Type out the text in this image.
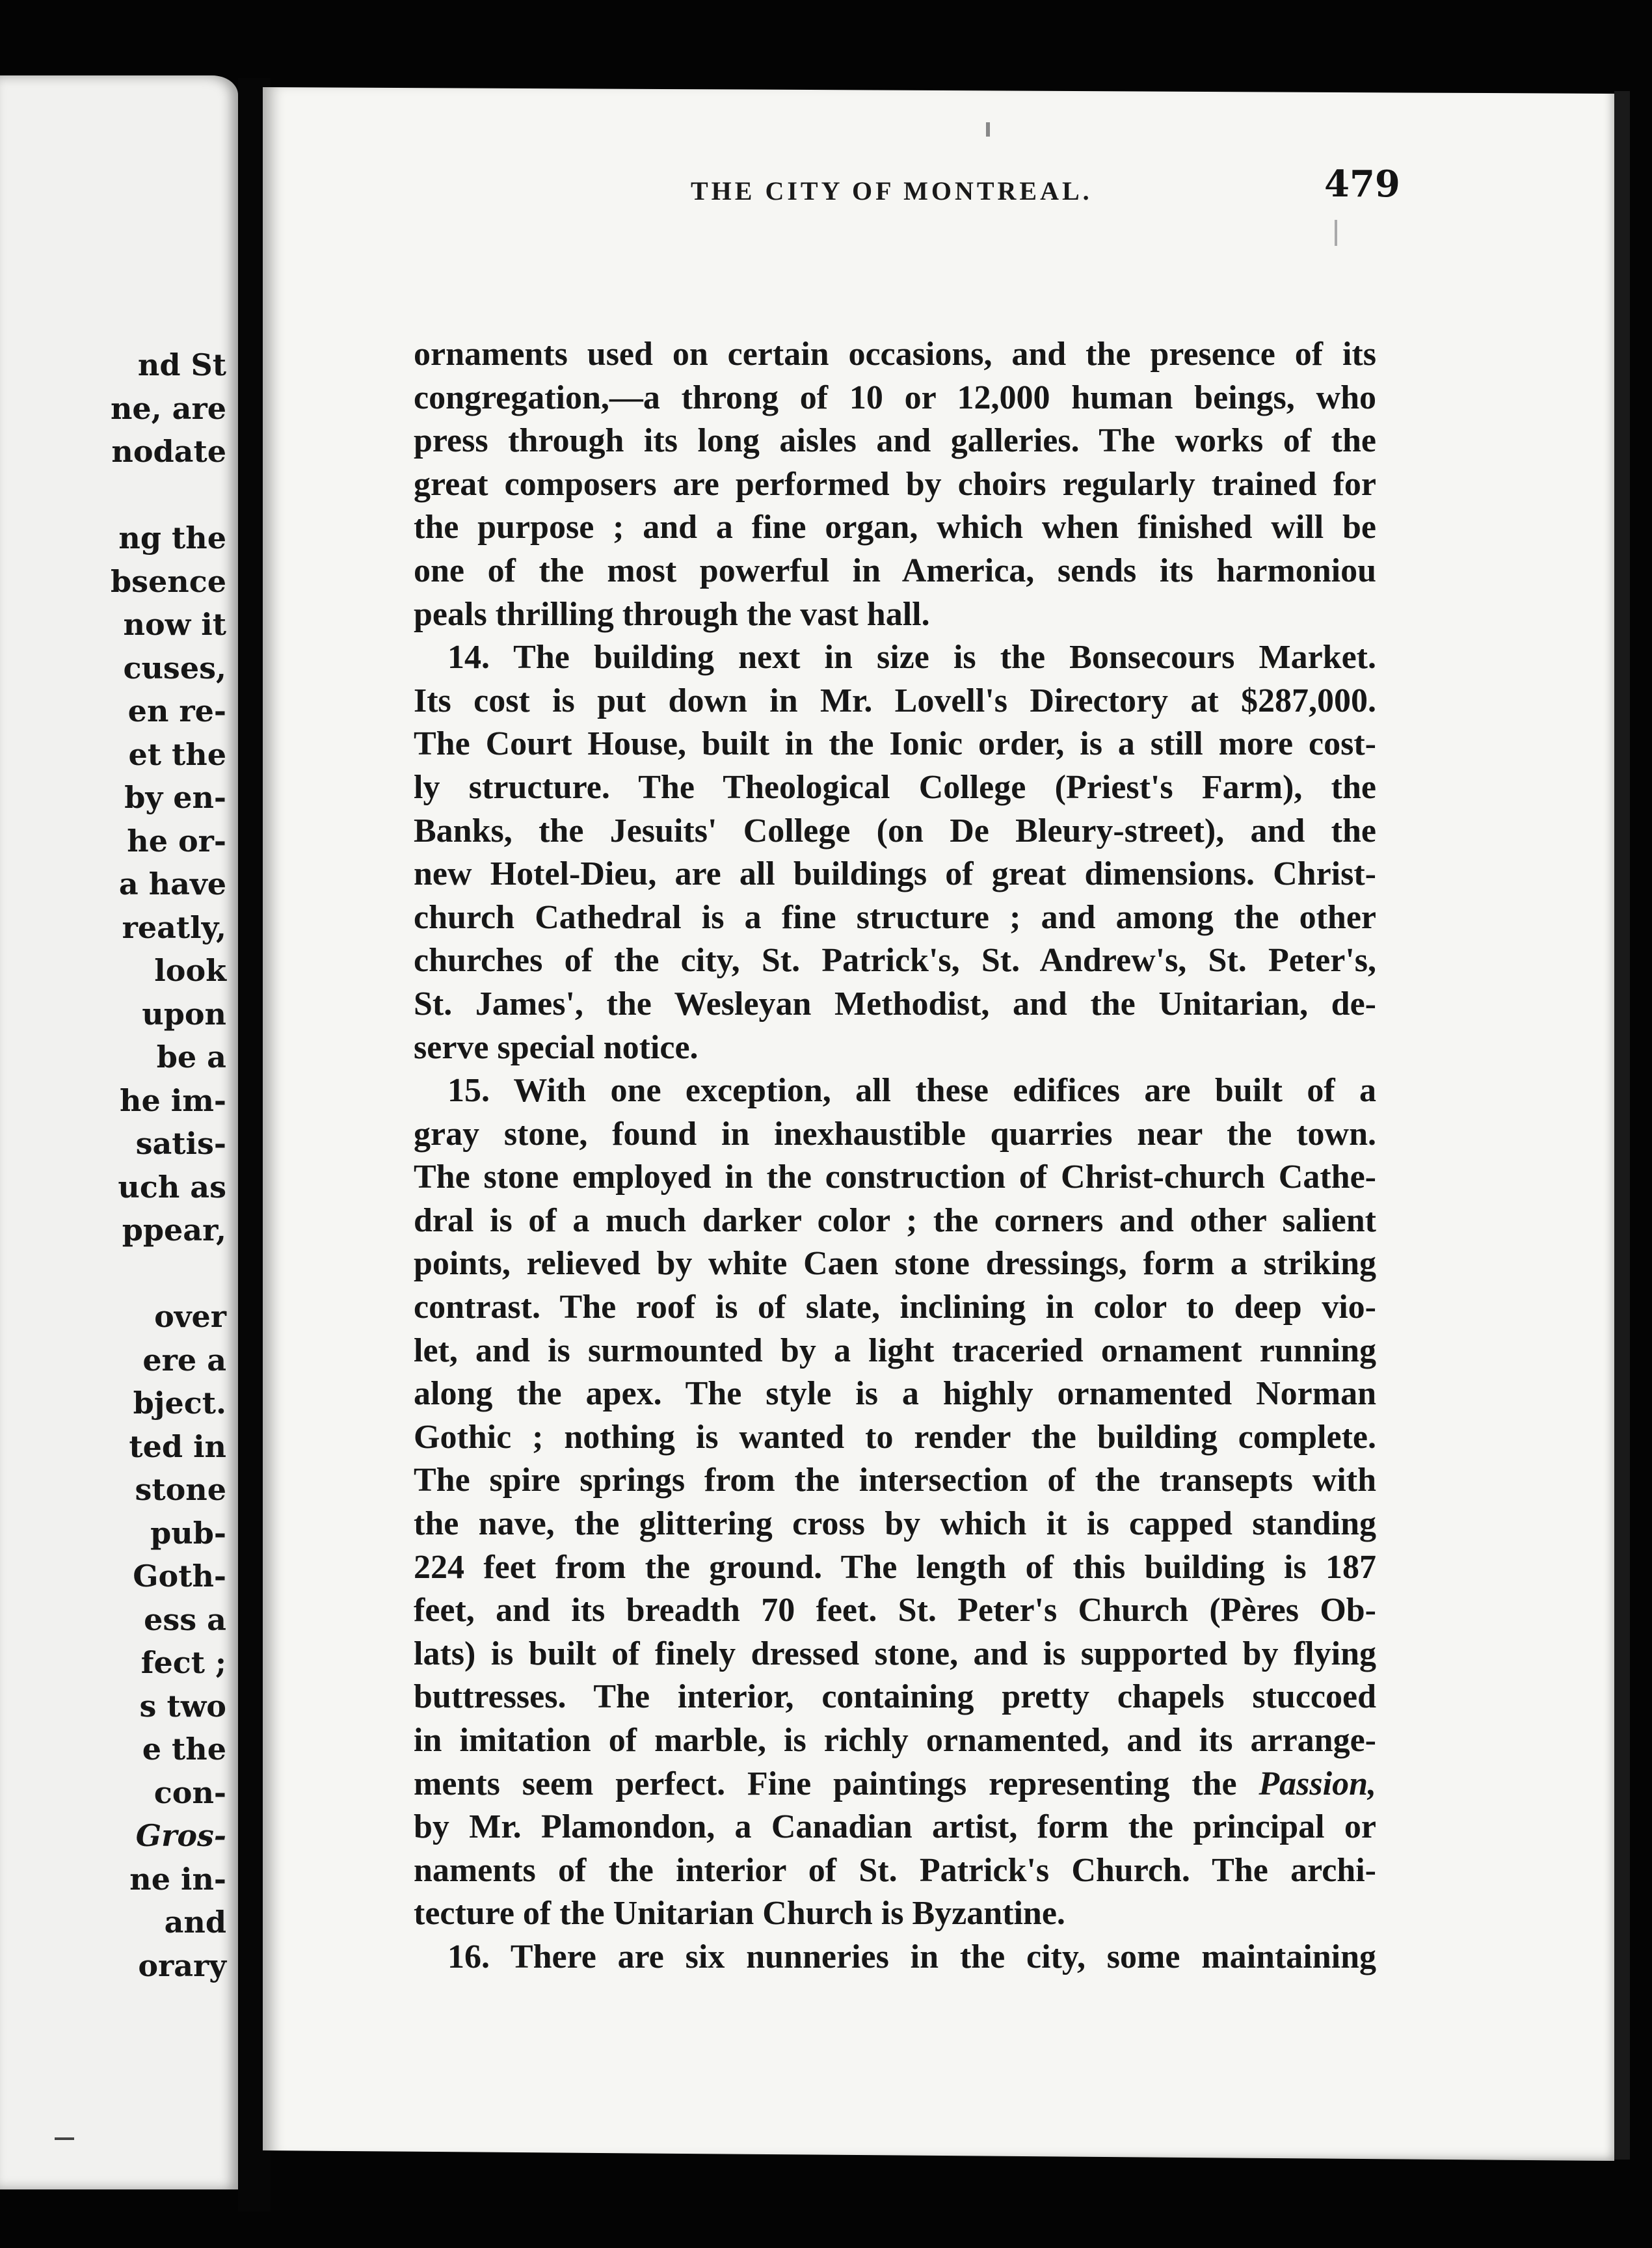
nd St
ne, are
nodate
ng the
bsence
now it
cuses,
en re-
et the
by en-
he or-
a have
reatly,
look
upon
be a
he im-
satis-
uch as
ppear,
over
ere a
bject.
ted in
stone
pub-
Goth-
ess a
fect ;
s two
e the
con-
Gros-
ne in-
and
orary
THE CITY OF MONTREAL.	479
ornaments used on certain occasions, and the presence of its
congregation,—a throng of 10 or 12,000 human beings, who
press through its long aisles and galleries. The works of the
great composers are performed by choirs regularly trained for
the purpose ; and a fine organ, which when finished will be
one of the most powerful in America, sends its harmoniou
peals thrilling through the vast hall.
14. The building next in size is the Bonsecours Market.
Its cost is put down in Mr. Lovell's Directory at $287,000.
The Court House, built in the Ionic order, is a still more cost-
ly structure. The Theological College (Priest's Farm), the
Banks, the Jesuits' College (on De Bleury-street), and the
new Hotel-Dieu, are all buildings of great dimensions. Christ-
church Cathedral is a fine structure ; and among the other
churches of the city, St. Patrick's, St. Andrew's, St. Peter's,
St. James', the Wesleyan Methodist, and the Unitarian, de-
serve special notice.
15. With one exception, all these edifices are built of a
gray stone, found in inexhaustible quarries near the town.
The stone employed in the construction of Christ-church Cathe-
dral is of a much darker color ; the corners and other salient
points, relieved by white Caen stone dressings, form a striking
contrast. The roof is of slate, inclining in color to deep vio-
let, and is surmounted by a light traceried ornament running
along the apex. The style is a highly ornamented Norman
Gothic ; nothing is wanted to render the building complete.
The spire springs from the intersection of the transepts with
the nave, the glittering cross by which it is capped standing
224 feet from the ground. The length of this building is 187
feet, and its breadth 70 feet. St. Peter's Church (Pères Ob-
lats) is built of finely dressed stone, and is supported by flying
buttresses. The interior, containing pretty chapels stuccoed
in imitation of marble, is richly ornamented, and its arrange-
ments seem perfect. Fine paintings representing the Passion,
by Mr. Plamondon, a Canadian artist, form the principal or
naments of the interior of St. Patrick's Church. The archi-
tecture of the Unitarian Church is Byzantine.
16. There are six nunneries in the city, some maintaining
